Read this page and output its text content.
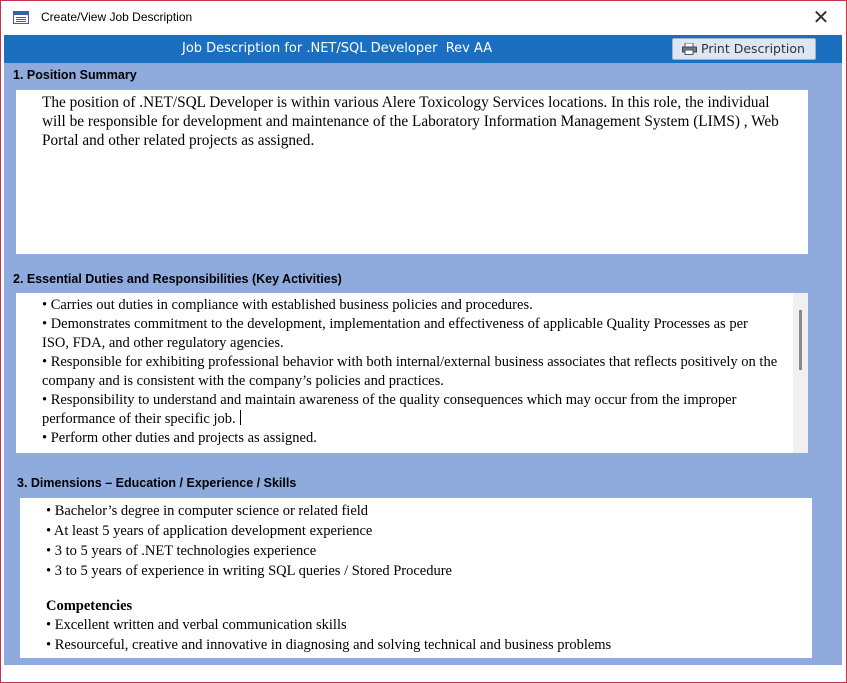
Create/View Job Description	✕
Job Description for .NET/SQL Developer  Rev AA	Print Description
1. Position Summary

The position of .NET/SQL Developer is within various Alere Toxicology Services locations. In this role, the individual will be responsible for development and maintenance of the Laboratory Information Management System (LIMS) , Web Portal and other related projects as assigned.

2. Essential Duties and Responsibilities (Key Activities)

• Carries out duties in compliance with established business policies and procedures.

• Demonstrates commitment to the development, implementation and effectiveness of applicable Quality Processes as per ISO, FDA, and other regulatory agencies.

• Responsible for exhibiting professional behavior with both internal/external business associates that reflects positively on the company and is consistent with the company’s policies and practices.

• Responsibility to understand and maintain awareness of the quality consequences which may occur from the improper performance of their specific job.

• Perform other duties and projects as assigned.

3. Dimensions – Education / Experience / Skills

• Bachelor’s degree in computer science or related field

• At least 5 years of application development experience

• 3 to 5 years of .NET technologies experience

• 3 to 5 years of experience in writing SQL queries / Stored Procedure

Competencies

• Excellent written and verbal communication skills

• Resourceful, creative and innovative in diagnosing and solving technical and business problems
